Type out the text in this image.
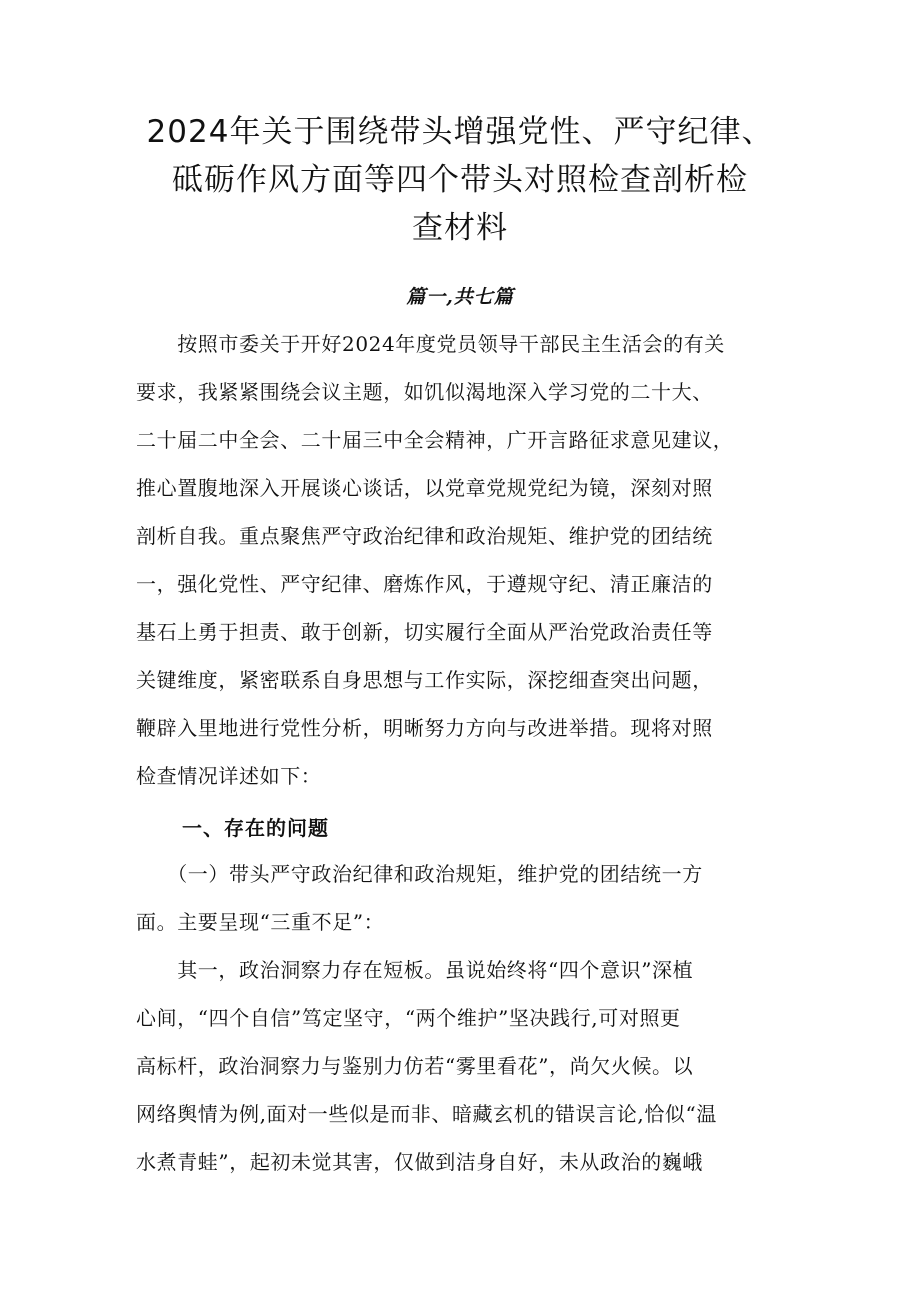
2024年关于围绕带头增强党性、严守纪律、
砥砺作风方面等四个带头对照检查剖析检
查材料
篇一,共七篇
　　按照市委关于开好2024年度党员领导干部民主生活会的有关
要求，我紧紧围绕会议主题，如饥似渴地深入学习党的二十大、
二十届二中全会、二十届三中全会精神，广开言路征求意见建议，
推心置腹地深入开展谈心谈话，以党章党规党纪为镜，深刻对照
剖析自我。重点聚焦严守政治纪律和政治规矩、维护党的团结统
一，强化党性、严守纪律、磨炼作风，于遵规守纪、清正廉洁的
基石上勇于担责、敢于创新，切实履行全面从严治党政治责任等
关键维度，紧密联系自身思想与工作实际，深挖细查突出问题，
鞭辟入里地进行党性分析，明晰努力方向与改进举措。现将对照
检查情况详述如下：
一、存在的问题
　　（一）带头严守政治纪律和政治规矩，维护党的团结统一方
面。主要呈现“三重不足”：
　　其一，政治洞察力存在短板。虽说始终将“四个意识”深植
心间，“四个自信”笃定坚守，“两个维护”坚决践行,可对照更
高标杆，政治洞察力与鉴别力仿若“雾里看花”，尚欠火候。以
网络舆情为例,面对一些似是而非、暗藏玄机的错误言论,恰似“温
水煮青蛙”，起初未觉其害，仅做到洁身自好，未从政治的巍峨
